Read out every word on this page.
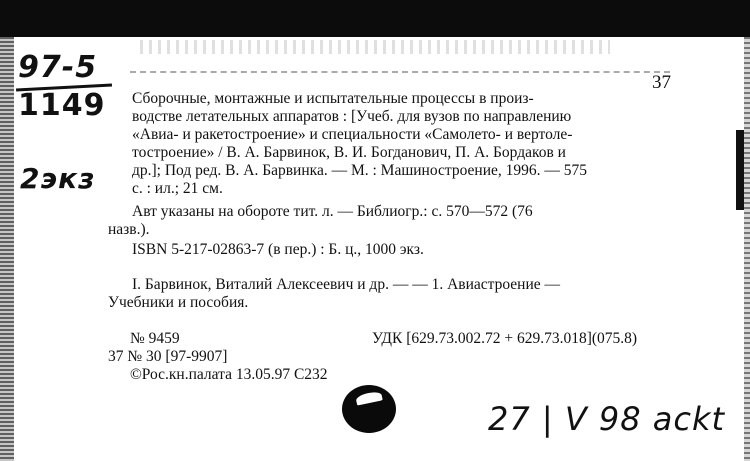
97-5
1149
2экз
37
Сборочные, монтажные и испытательные процессы в произ-
водстве летательных аппаратов : [Учеб. для вузов по направлению
«Авиа- и ракетостроение» и специальности «Самолето- и вертоле-
тостроение» / В. А. Барвинок, В. И. Богданович, П. А. Бордаков и
др.]; Под ред. В. А. Барвинка. — М. : Машиностроение, 1996. — 575
с. : ил.; 21 см.
Авт указаны на обороте тит. л. — Библиогр.: с. 570—572 (76
назв.).
ISBN 5-217-02863-7 (в пер.) : Б. ц., 1000 экз.
I. Барвинок, Виталий Алексеевич и др. — — 1. Авиастроение —
Учебники и пособия.
№ 9459	УДК [629.73.002.72 + 629.73.018](075.8)
37 № 30 [97-9907]
©Рос.кн.палата 13.05.97 С232
27 | V 98 ackt
